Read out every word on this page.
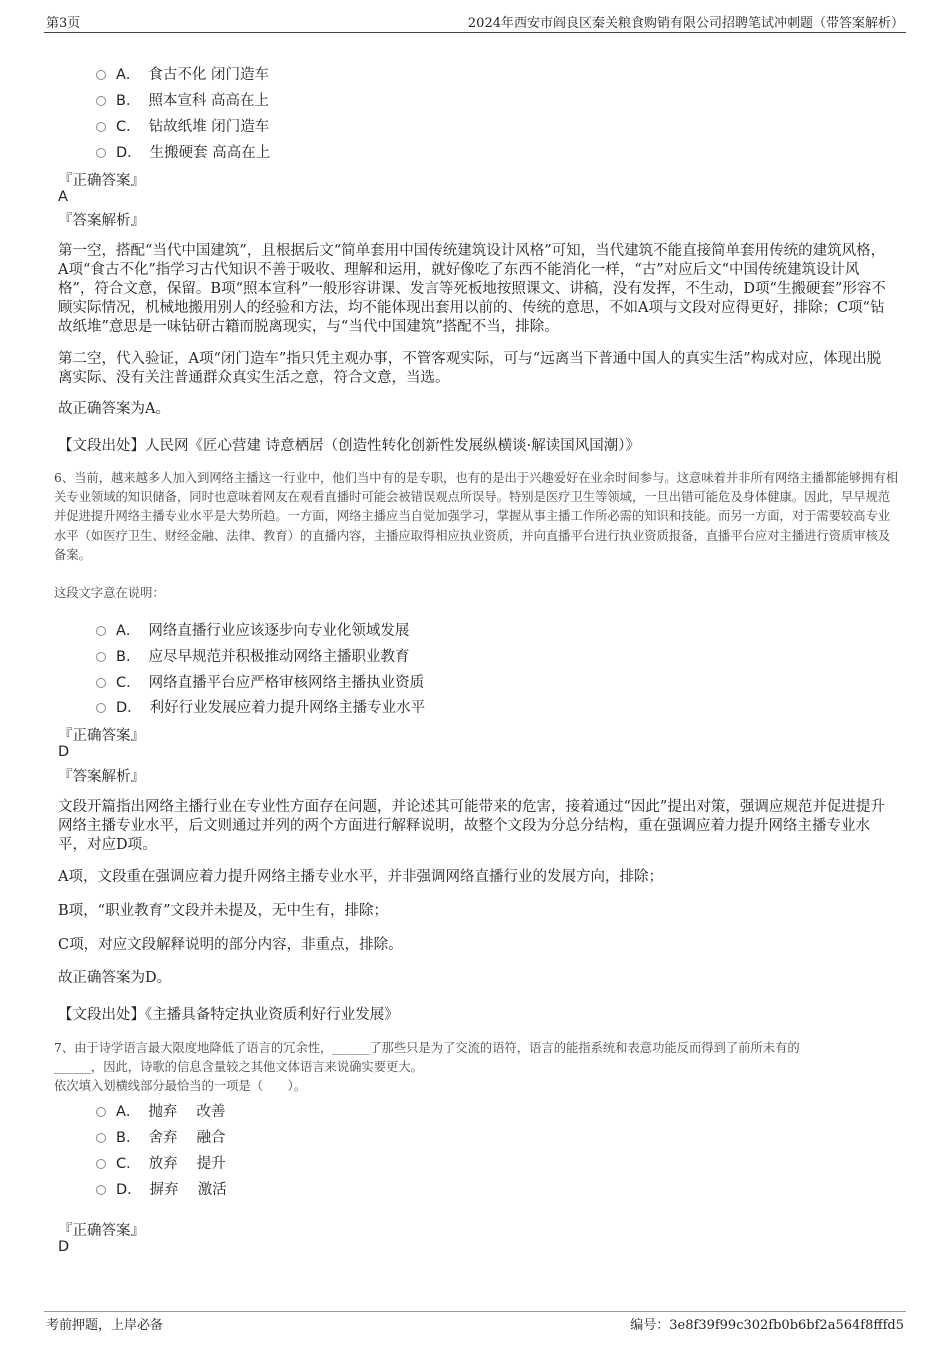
第3页	2024年西安市阎良区秦关粮食购销有限公司招聘笔试冲刺题（带答案解析）
A． 食古不化 闭门造车
B． 照本宣科 高高在上
C． 钻故纸堆 闭门造车
D． 生搬硬套 高高在上
『正确答案』
A
『答案解析』

第一空，搭配“当代中国建筑”，且根据后文“简单套用中国传统建筑设计风格”可知，当代建筑不能直接简单套用传统的建筑风格，A项“食古不化”指学习古代知识不善于吸收、理解和运用，就好像吃了东西不能消化一样，“古”对应后文“中国传统建筑设计风格”，符合文意，保留。B项“照本宣科”一般形容讲课、发言等死板地按照课文、讲稿，没有发挥，不生动，D项“生搬硬套”形容不顾实际情况，机械地搬用别人的经验和方法，均不能体现出套用以前的、传统的意思，不如A项与文段对应得更好，排除；C项“钻故纸堆”意思是一味钻研古籍而脱离现实，与“当代中国建筑”搭配不当，排除。

第二空，代入验证，A项“闭门造车”指只凭主观办事，不管客观实际，可与“远离当下普通中国人的真实生活”构成对应，体现出脱离实际、没有关注普通群众真实生活之意，符合文意，当选。

故正确答案为A。

【文段出处】人民网《匠心营建 诗意栖居（创造性转化创新性发展纵横谈·解读国风国潮）》

6、当前，越来越多人加入到网络主播这一行业中，他们当中有的是专职，也有的是出于兴趣爱好在业余时间参与。这意味着并非所有网络主播都能够拥有相关专业领域的知识储备，同时也意味着网友在观看直播时可能会被错误观点所误导。特别是医疗卫生等领域，一旦出错可能危及身体健康。因此，早早规范并促进提升网络主播专业水平是大势所趋。一方面，网络主播应当自觉加强学习，掌握从事主播工作所必需的知识和技能。而另一方面，对于需要较高专业水平（如医疗卫生、财经金融、法律、教育）的直播内容，主播应取得相应执业资质，并向直播平台进行执业资质报备，直播平台应对主播进行资质审核及备案。

这段文字意在说明：
A． 网络直播行业应该逐步向专业化领域发展
B． 应尽早规范并积极推动网络主播职业教育
C． 网络直播平台应严格审核网络主播执业资质
D． 利好行业发展应着力提升网络主播专业水平
『正确答案』
D
『答案解析』

文段开篇指出网络主播行业在专业性方面存在问题，并论述其可能带来的危害，接着通过“因此”提出对策，强调应规范并促进提升网络主播专业水平，后文则通过并列的两个方面进行解释说明，故整个文段为分总分结构，重在强调应着力提升网络主播专业水平，对应D项。

A项，文段重在强调应着力提升网络主播专业水平，并非强调网络直播行业的发展方向，排除；

B项，“职业教育”文段并未提及，无中生有，排除；

C项，对应文段解释说明的部分内容，非重点，排除。

故正确答案为D。

【文段出处】《主播具备特定执业资质利好行业发展》
7、由于诗学语言最大限度地降低了语言的冗余性，______了那些只是为了交流的语符，语言的能指系统和表意功能反而得到了前所未有的
______，因此，诗歌的信息含量较之其他文体语言来说确实要更大。
依次填入划横线部分最恰当的一项是（　　）。
A． 抛弃　 改善
B． 舍弃　 融合
C． 放弃　 提升
D． 摒弃　 激活
『正确答案』
D
考前押题，上岸必备	编号：3e8f39f99c302fb0b6bf2a564f8fffd5
